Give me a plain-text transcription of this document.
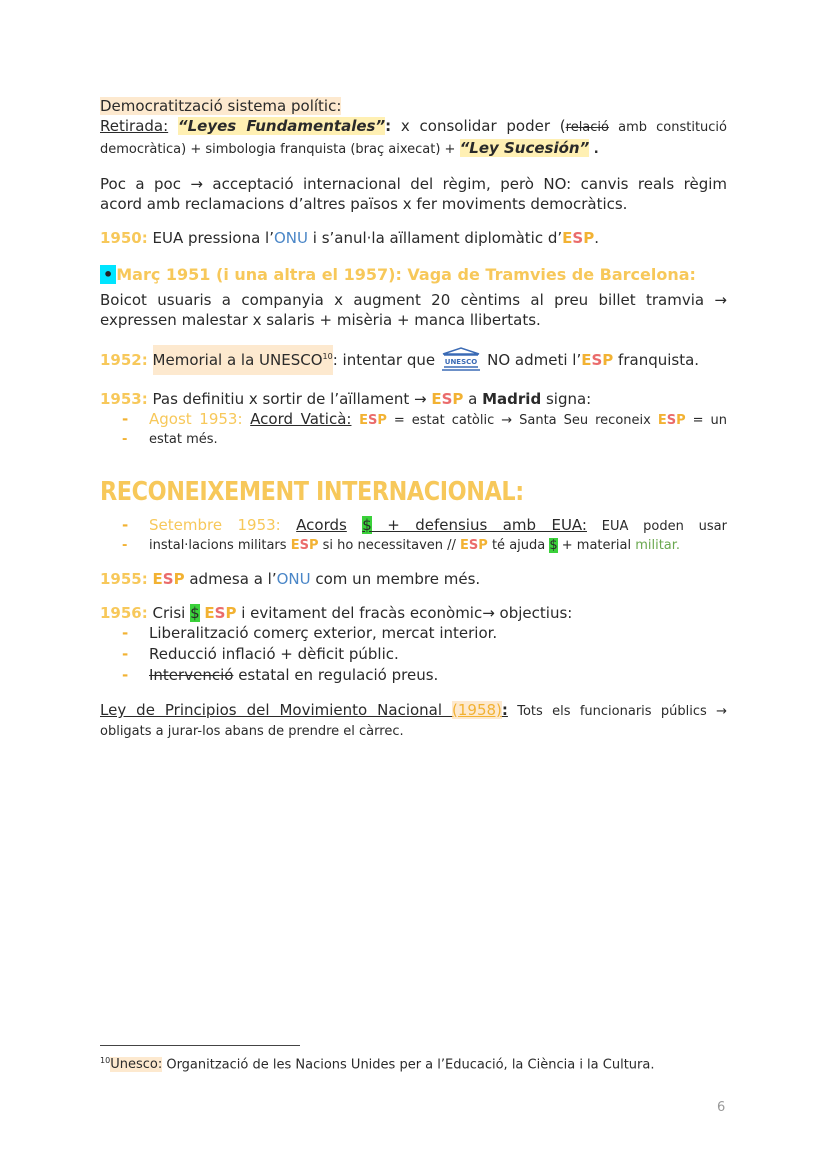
Democratització sistema polític:

Retirada: “Leyes Fundamentales”: x consolidar poder (relació amb constitució

democràtica) + simbologia franquista (braç aixecat) + “Ley Sucesión” .

Poc a poc → acceptació internacional del règim, però NO: canvis reals règim

acord amb reclamacions d’altres països x fer moviments democràtics.

1950: EUA pressiona l’ONU i s’anul·la aïllament diplomàtic d’ESP.

• Març 1951 (i una altra el 1957): Vaga de Tramvies de Barcelona:

Boicot usuaris a companyia x augment 20 cèntims al preu billet tramvia →

expressen malestar x salaris + misèria + manca llibertats.

1952: Memorial a la UNESCO$^{10}$: intentar que UNESCO NO admeti l’ESP franquista.

1953: Pas definitiu x sortir de l’aïllament → ESP a Madrid signa:

- Agost 1953: Acord Vaticà: ESP = estat catòlic → Santa Seu reconeix ESP = un
- estat més.

RECONEIXEMENT INTERNACIONAL:

- Setembre 1953: Acords $ + defensius amb EUA: EUA poden usar
- instal·lacions militars ESP si ho necessitaven // ESP té ajuda $ + material militar.

1955: ESP admesa a l’ONU com un membre més.

1956: Crisi $ ESP i evitament del fracàs econòmic→ objectius:

- Liberalització comerç exterior, mercat interior.
- Reducció inflació + dèficit públic.
- Intervenció estatal en regulació preus.

Ley de Principios del Movimiento Nacional (1958): Tots els funcionaris públics →

obligats a jurar-los abans de prendre el càrrec.

$^{10}$Unesco: Organització de les Nacions Unides per a l’Educació, la Ciència i la Cultura.
6
